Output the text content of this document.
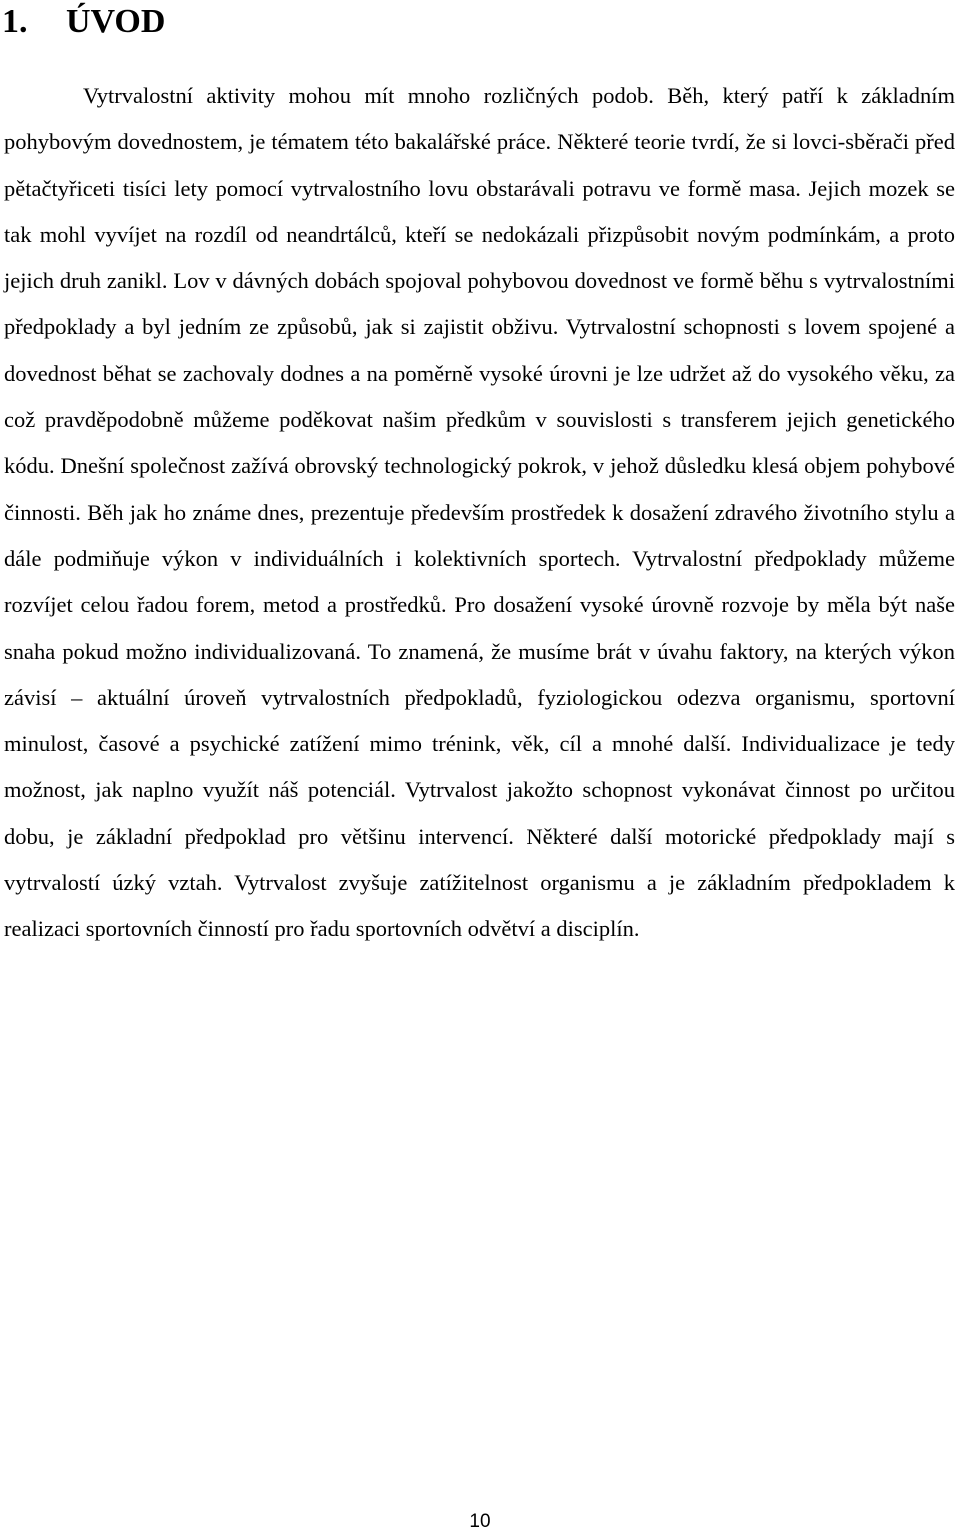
1. ÚVOD

Vytrvalostní aktivity mohou mít mnoho rozličných podob. Běh, který patří k základním pohybovým dovednostem, je tématem této bakalářské práce. Některé teorie tvrdí, že si lovci-sběrači před pětačtyřiceti tisíci lety pomocí vytrvalostního lovu obstarávali potravu ve formě masa. Jejich mozek se tak mohl vyvíjet na rozdíl od neandrtálců, kteří se nedokázali přizpůsobit novým podmínkám, a proto jejich druh zanikl. Lov v dávných dobách spojoval pohybovou dovednost ve formě běhu s vytrvalostními předpoklady a byl jedním ze způsobů, jak si zajistit obživu. Vytrvalostní schopnosti s lovem spojené a dovednost běhat se zachovaly dodnes a na poměrně vysoké úrovni je lze udržet až do vysokého věku, za což pravděpodobně můžeme poděkovat našim předkům v souvislosti s transferem jejich genetického kódu. Dnešní společnost zažívá obrovský technologický pokrok, v jehož důsledku klesá objem pohybové činnosti. Běh jak ho známe dnes, prezentuje především prostředek k dosažení zdravého životního stylu a dále podmiňuje výkon v individuálních i kolektivních sportech. Vytrvalostní předpoklady můžeme rozvíjet celou řadou forem, metod a prostředků. Pro dosažení vysoké úrovně rozvoje by měla být naše snaha pokud možno individualizovaná. To znamená, že musíme brát v úvahu faktory, na kterých výkon závisí – aktuální úroveň vytrvalostních předpokladů, fyziologickou odezva organismu, sportovní minulost, časové a psychické zatížení mimo trénink, věk, cíl a mnohé další. Individualizace je tedy možnost, jak naplno využít náš potenciál. Vytrvalost jakožto schopnost vykonávat činnost po určitou dobu, je základní předpoklad pro většinu intervencí. Některé další motorické předpoklady mají s vytrvalostí úzký vztah. Vytrvalost zvyšuje zatížitelnost organismu a je základním předpokladem k realizaci sportovních činností pro řadu sportovních odvětví a disciplín.

10
